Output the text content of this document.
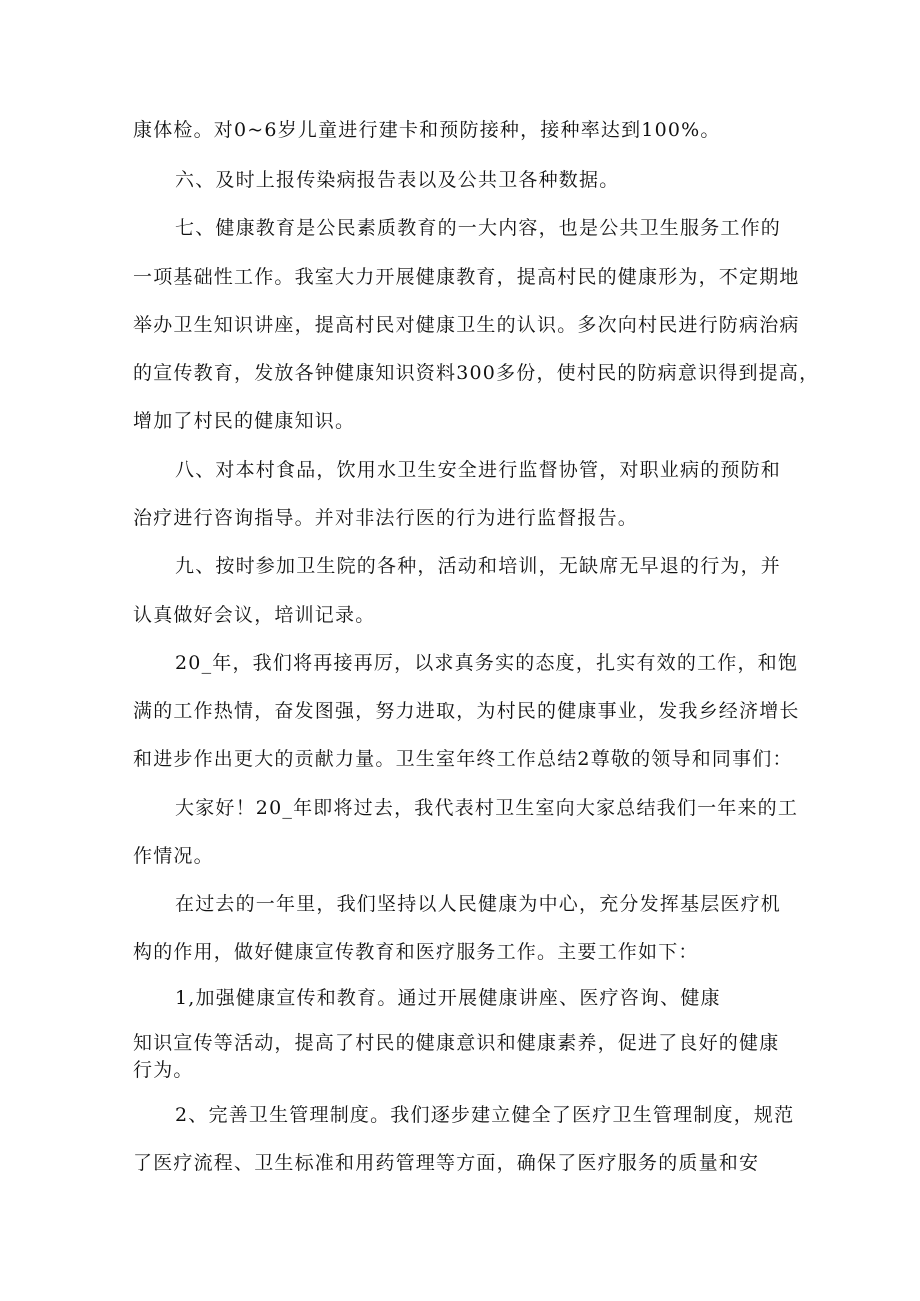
康体检。对0~6岁儿童进行建卡和预防接种，接种率达到100%。
六、及时上报传染病报告表以及公共卫各种数据。
七、健康教育是公民素质教育的一大内容，也是公共卫生服务工作的
一项基础性工作。我室大力开展健康教育，提高村民的健康形为，不定期地
举办卫生知识讲座，提高村民对健康卫生的认识。多次向村民进行防病治病
的宣传教育，发放各钟健康知识资料300多份，使村民的防病意识得到提高，
增加了村民的健康知识。
八、对本村食品，饮用水卫生安全进行监督协管，对职业病的预防和
治疗进行咨询指导。并对非法行医的行为进行监督报告。
九、按时参加卫生院的各种，活动和培训，无缺席无早退的行为，并
认真做好会议，培训记录。
20_年，我们将再接再厉，以求真务实的态度，扎实有效的工作，和饱
满的工作热情，奋发图强，努力进取，为村民的健康事业，发我乡经济增长
和进步作出更大的贡献力量。卫生室年终工作总结2尊敬的领导和同事们：
大家好！20_年即将过去，我代表村卫生室向大家总结我们一年来的工
作情况。
在过去的一年里，我们坚持以人民健康为中心，充分发挥基层医疗机
构的作用，做好健康宣传教育和医疗服务工作。主要工作如下：
1,加强健康宣传和教育。通过开展健康讲座、医疗咨询、健康
知识宣传等活动，提高了村民的健康意识和健康素养，促进了良好的健康
行为。
2、完善卫生管理制度。我们逐步建立健全了医疗卫生管理制度，规范
了医疗流程、卫生标准和用药管理等方面，确保了医疗服务的质量和安
